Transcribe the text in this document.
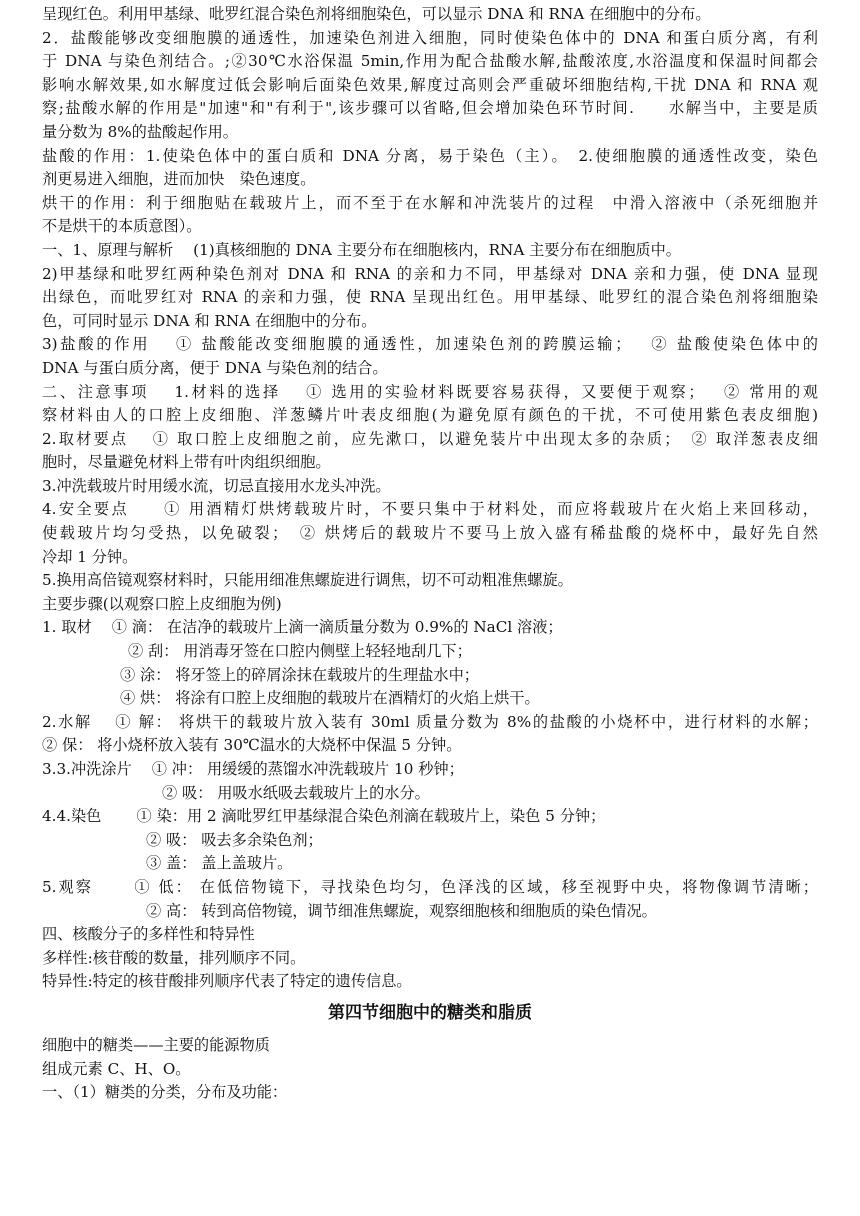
呈现红色。利用甲基绿、吡罗红混合染色剂将细胞染色，可以显示 DNA 和 RNA 在细胞中的分布。
2．盐酸能够改变细胞膜的通透性，加速染色剂进入细胞，同时使染色体中的 DNA 和蛋白质分离，有利
于 DNA 与染色剂结合。;②30℃水浴保温 5min,作用为配合盐酸水解,盐酸浓度,水浴温度和保温时间都会
影响水解效果,如水解度过低会影响后面染色效果,解度过高则会严重破坏细胞结构,干扰 DNA 和 RNA 观
察;盐酸水解的作用是"加速"和"有利于",该步骤可以省略,但会增加染色环节时间.　　水解当中，主要是质
量分数为 8%的盐酸起作用。
盐酸的作用：1.使染色体中的蛋白质和 DNA 分离，易于染色（主）。　2.使细胞膜的通透性改变，染色
剂更易进入细胞，进而加快　染色速度。
烘干的作用：利于细胞贴在载玻片上，而不至于在水解和冲洗装片的过程　中滑入溶液中（杀死细胞并
不是烘干的本质意图）。
一、1、原理与解析　 (1)真核细胞的 DNA 主要分布在细胞核内，RNA 主要分布在细胞质中。
2)甲基绿和吡罗红两种染色剂对 DNA 和 RNA 的亲和力不同，甲基绿对 DNA 亲和力强，使 DNA 显现
出绿色，而吡罗红对 RNA 的亲和力强，使 RNA 呈现出红色。用甲基绿、吡罗红的混合染色剂将细胞染
色，可同时显示 DNA 和 RNA 在细胞中的分布。
3)盐酸的作用　 ① 盐酸能改变细胞膜的通透性，加速染色剂的跨膜运输；　 ② 盐酸使染色体中的
DNA 与蛋白质分离，便于 DNA 与染色剂的结合。
二、注意事项　 1.材料的选择　 ① 选用的实验材料既要容易获得，又要便于观察；　 ② 常用的观
察材料由人的口腔上皮细胞、洋葱鳞片叶表皮细胞(为避免原有颜色的干扰，不可使用紫色表皮细胞)
2.取材要点　 ① 取口腔上皮细胞之前，应先漱口，以避免装片中出现太多的杂质；　② 取洋葱表皮细
胞时，尽量避免材料上带有叶肉组织细胞。
3.冲洗载玻片时用缓水流，切忌直接用水龙头冲洗。
4.安全要点　　① 用酒精灯烘烤载玻片时，不要只集中于材料处，而应将载玻片在火焰上来回移动，
使载玻片均匀受热，以免破裂；　② 烘烤后的载玻片不要马上放入盛有稀盐酸的烧杯中，最好先自然
冷却 1 分钟。
5.换用高倍镜观察材料时，只能用细准焦螺旋进行调焦，切不可动粗准焦螺旋。
主要步骤(以观察口腔上皮细胞为例)
1. 取材　 ① 滴： 在洁净的载玻片上滴一滴质量分数为 0.9%的 NaCl 溶液；
② 刮： 用消毒牙签在口腔内侧壁上轻轻地刮几下；
③ 涂： 将牙签上的碎屑涂抹在载玻片的生理盐水中；
④ 烘： 将涂有口腔上皮细胞的载玻片在酒精灯的火焰上烘干。
2.水解　 ① 解： 将烘干的载玻片放入装有 30ml 质量分数为 8%的盐酸的小烧杯中，进行材料的水解；
② 保： 将小烧杯放入装有 30℃温水的大烧杯中保温 5 分钟。
3.3.冲洗涂片　 ① 冲： 用缓缓的蒸馏水冲洗载玻片 10 秒钟；
② 吸： 用吸水纸吸去载玻片上的水分。
4.4.染色　　 ① 染：用 2 滴吡罗红甲基绿混合染色剂滴在载玻片上，染色 5 分钟；
② 吸： 吸去多余染色剂；
③ 盖： 盖上盖玻片。
5.观察　　 ① 低： 在低倍物镜下，寻找染色均匀，色泽浅的区域，移至视野中央，将物像调节清晰；
② 高： 转到高倍物镜，调节细准焦螺旋，观察细胞核和细胞质的染色情况。
四、核酸分子的多样性和特异性
多样性:核苷酸的数量，排列顺序不同。
特异性:特定的核苷酸排列顺序代表了特定的遗传信息。
第四节细胞中的糖类和脂质
细胞中的糖类——主要的能源物质
组成元素 C、H、O。
一、（1）糖类的分类，分布及功能：
